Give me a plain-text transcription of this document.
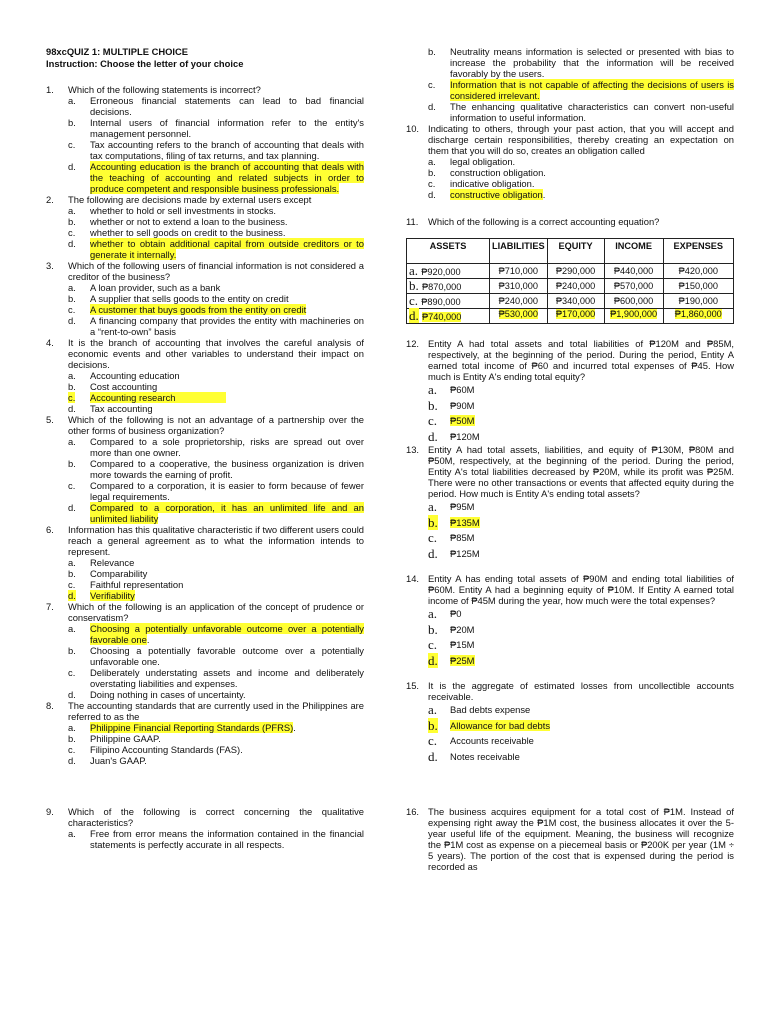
98xcQUIZ 1: MULTIPLE CHOICE
Instruction: Choose the letter of your choice
1. Which of the following statements is incorrect?
a. Erroneous financial statements can lead to bad financial decisions.
b. Internal users of financial information refer to the entity's management personnel.
c. Tax accounting refers to the branch of accounting that deals with tax computations, filing of tax returns, and tax planning.
d. Accounting education is the branch of accounting that deals with the teaching of accounting and related subjects in order to produce competent and responsible business professionals.
2. The following are decisions made by external users except
a. whether to hold or sell investments in stocks.
b. whether or not to extend a loan to the business.
c. whether to sell goods on credit to the business.
d. whether to obtain additional capital from outside creditors or to generate it internally.
3. Which of the following users of financial information is not considered a creditor of the business?
a. A loan provider, such as a bank
b. A supplier that sells goods to the entity on credit
c. A customer that buys goods from the entity on credit
d. A financing company that provides the entity with machineries on a “rent-to-own” basis
4. It is the branch of accounting that involves the careful analysis of economic events and other variables to understand their impact on decisions.
a. Accounting education
b. Cost accounting
c. Accounting research
d. Tax accounting
5. Which of the following is not an advantage of a partnership over the other forms of business organization?
a. Compared to a sole proprietorship, risks are spread out over more than one owner.
b. Compared to a cooperative, the business organization is driven more towards the earning of profit.
c. Compared to a corporation, it is easier to form because of fewer legal requirements.
d. Compared to a corporation, it has an unlimited life and an unlimited liability
6. Information has this qualitative characteristic if two different users could reach a general agreement as to what the information intends to represent.
a. Relevance
b. Comparability
c. Faithful representation
d. Verifiability
7. Which of the following is an application of the concept of prudence or conservatism?
a. Choosing a potentially unfavorable outcome over a potentially favorable one.
b. Choosing a potentially favorable outcome over a potentially unfavorable one.
c. Deliberately understating assets and income and deliberately overstating liabilities and expenses.
d. Doing nothing in cases of uncertainty.
8. The accounting standards that are currently used in the Philippines are referred to as the
a. Philippine Financial Reporting Standards (PFRS).
b. Philippine GAAP.
c. Filipino Accounting Standards (FAS).
d. Juan's GAAP.
9. Which of the following is correct concerning the qualitative characteristics?
a. Free from error means the information contained in the financial statements is perfectly accurate in all respects.
b. Neutrality means information is selected or presented with bias to increase the probability that the information will be received favorably by the users.
c. Information that is not capable of affecting the decisions of users is considered irrelevant.
d. The enhancing qualitative characteristics can convert non-useful information to useful information.
10. Indicating to others, through your past action, that you will accept and discharge certain responsibilities, thereby creating an expectation on them that you will do so, creates an obligation called
a. legal obligation.
b. construction obligation.
c. indicative obligation.
d. constructive obligation.
11. Which of the following is a correct accounting equation?
ASSETS	LIABILITIES	EQUITY	INCOME	EXPENSES
a. ₱920,000	₱710,000	₱290,000	₱440,000	₱420,000
b. ₱870,000	₱310,000	₱240,000	₱570,000	₱150,000
c. ₱890,000	₱240,000	₱340,000	₱600,000	₱190,000
d. ₱740,000	₱530,000	₱170,000	₱1,900,000	₱1,860,000
12. Entity A had total assets and total liabilities of ₱120M and ₱85M, respectively, at the beginning of the period. During the period, Entity A earned total income of ₱60 and incurred total expenses of ₱45. How much is Entity A's ending total equity?
a. ₱60M
b. ₱90M
c. ₱50M
d. ₱120M
13. Entity A had total assets, liabilities, and equity of ₱130M, ₱80M and ₱50M, respectively, at the beginning of the period. During the period, Entity A's total liabilities decreased by ₱20M, while its profit was ₱25M. There were no other transactions or events that affected equity during the period. How much is Entity A's ending total assets?
a. ₱95M
b. ₱135M
c. ₱85M
d. ₱125M
14. Entity A has ending total assets of ₱90M and ending total liabilities of ₱60M. Entity A had a beginning equity of ₱10M. If Entity A earned total income of ₱45M during the year, how much were the total expenses?
a. ₱0
b. ₱20M
c. ₱15M
d. ₱25M
15. It is the aggregate of estimated losses from uncollectible accounts receivable.
a. Bad debts expense
b. Allowance for bad debts
c. Accounts receivable
d. Notes receivable
16. The business acquires equipment for a total cost of ₱1M. Instead of expensing right away the ₱1M cost, the business allocates it over the 5-year useful life of the equipment. Meaning, the business will recognize the ₱1M cost as expense on a piecemeal basis or ₱200K per year (1M ÷ 5 years). The portion of the cost that is expensed during the period is recorded as
